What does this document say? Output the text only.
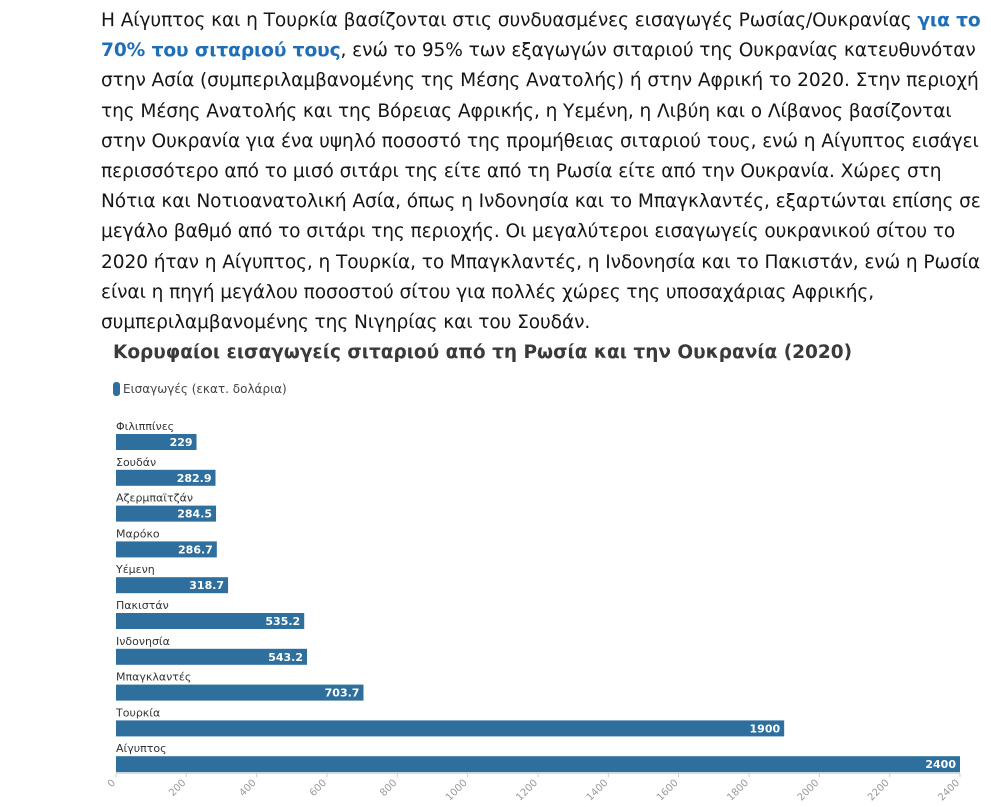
Η Αίγυπτος και η Τουρκία βασίζονται στις συνδυασμένες εισαγωγές Ρωσίας/Ουκρανίας για το 70% του σιταριού τους, ενώ το 95% των εξαγωγών σιταριού της Ουκρανίας κατευθυνόταν στην Ασία (συμπεριλαμβανομένης της Μέσης Ανατολής) ή στην Αφρική το 2020. Στην περιοχή της Μέσης Ανατολής και της Βόρειας Αφρικής, η Υεμένη, η Λιβύη και ο Λίβανος βασίζονται στην Ουκρανία για ένα υψηλό ποσοστό της προμήθειας σιταριού τους, ενώ η Αίγυπτος εισάγει περισσότερο από το μισό σιτάρι της είτε από τη Ρωσία είτε από την Ουκρανία. Χώρες στη Νότια και Νοτιοανατολική Ασία, όπως η Ινδονησία και το Μπαγκλαντές, εξαρτώνται επίσης σε μεγάλο βαθμό από το σιτάρι της περιοχής. Οι μεγαλύτεροι εισαγωγείς ουκρανικού σίτου το 2020 ήταν η Αίγυπτος, η Τουρκία, το Μπαγκλαντές, η Ινδονησία και το Πακιστάν, ενώ η Ρωσία είναι η πηγή μεγάλου ποσοστού σίτου για πολλές χώρες της υποσαχάριας Αφρικής, συμπεριλαμβανομένης της Νιγηρίας και του Σουδάν.

Κορυφαίοι εισαγωγείς σιταριού από τη Ρωσία και την Ουκρανία (2020)
Εισαγωγές (εκατ. δολάρια)
Φιλιππίνες
229
Σουδάν
282.9
Αζερμπαϊτζάν
284.5
Μαρόκο
286.7
Υέμενη
318.7
Πακιστάν
535.2
Ινδονησία
543.2
Μπαγκλαντές
703.7
Τουρκία
1900
Αίγυπτος
2400
0	200	400	600	800	1000	1200	1400	1600	1800	2000	2200	2400
